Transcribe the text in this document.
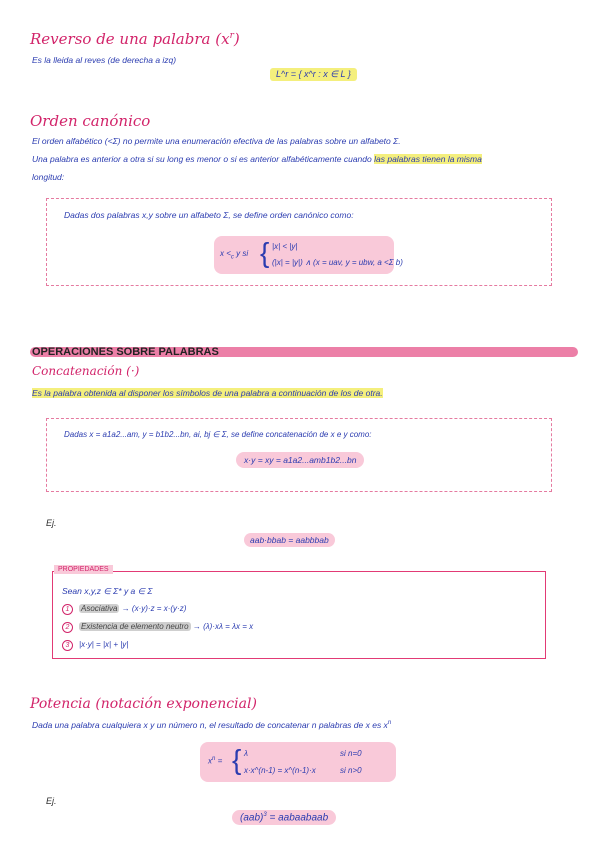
Reverso de una palabra $(x^r)$
Es la lleida al reves (de derecha a izq)
L^r = { x^r : x ∈ L }
Orden canónico
El orden alfabético (<Σ) no permite una enumeración efectiva de las palabras sobre un alfabeto Σ.
Una palabra es anterior a otra si su long es menor o si es anterior alfabéticamente cuando las palabras tienen la misma
longitud:
Dadas dos palabras x,y sobre un alfabeto Σ, se define orden canónico como:
$x <_c$ y si { |x| < |y|
(|x| = |y|) ∧ (x = uav, y = ubw, a <Σ b)
OPERACIONES SOBRE PALABRAS
Concatenación (·)
Es la palabra obtenida al disponer los símbolos de una palabra a continuación de los de otra.
Dadas x = a1a2...am, y = b1b2...bn, ai, bj ∈ Σ, se define concatenación de x e y como:
x·y = xy = a1a2...amb1b2...bn
Ej.
aab·bbab = aabbbab
PROPIEDADES
Sean x,y,z ∈ Σ* y a ∈ Σ
1 Asociativa → (x·y)·z = x·(y·z)
2 Existencia de elemento neutro → (λ)·xλ = λx = x
3 |x·y| = |x| + |y|
Potencia (notación exponencial)
Dada una palabra cualquiera x y un número n, el resultado de concatenar n palabras de x es $x^n$
$x^n$ = { λ
x·x^(n-1) = x^(n-1)·x
si n=0
si n>0
Ej.
(aab)$^3$ = aabaabaab
